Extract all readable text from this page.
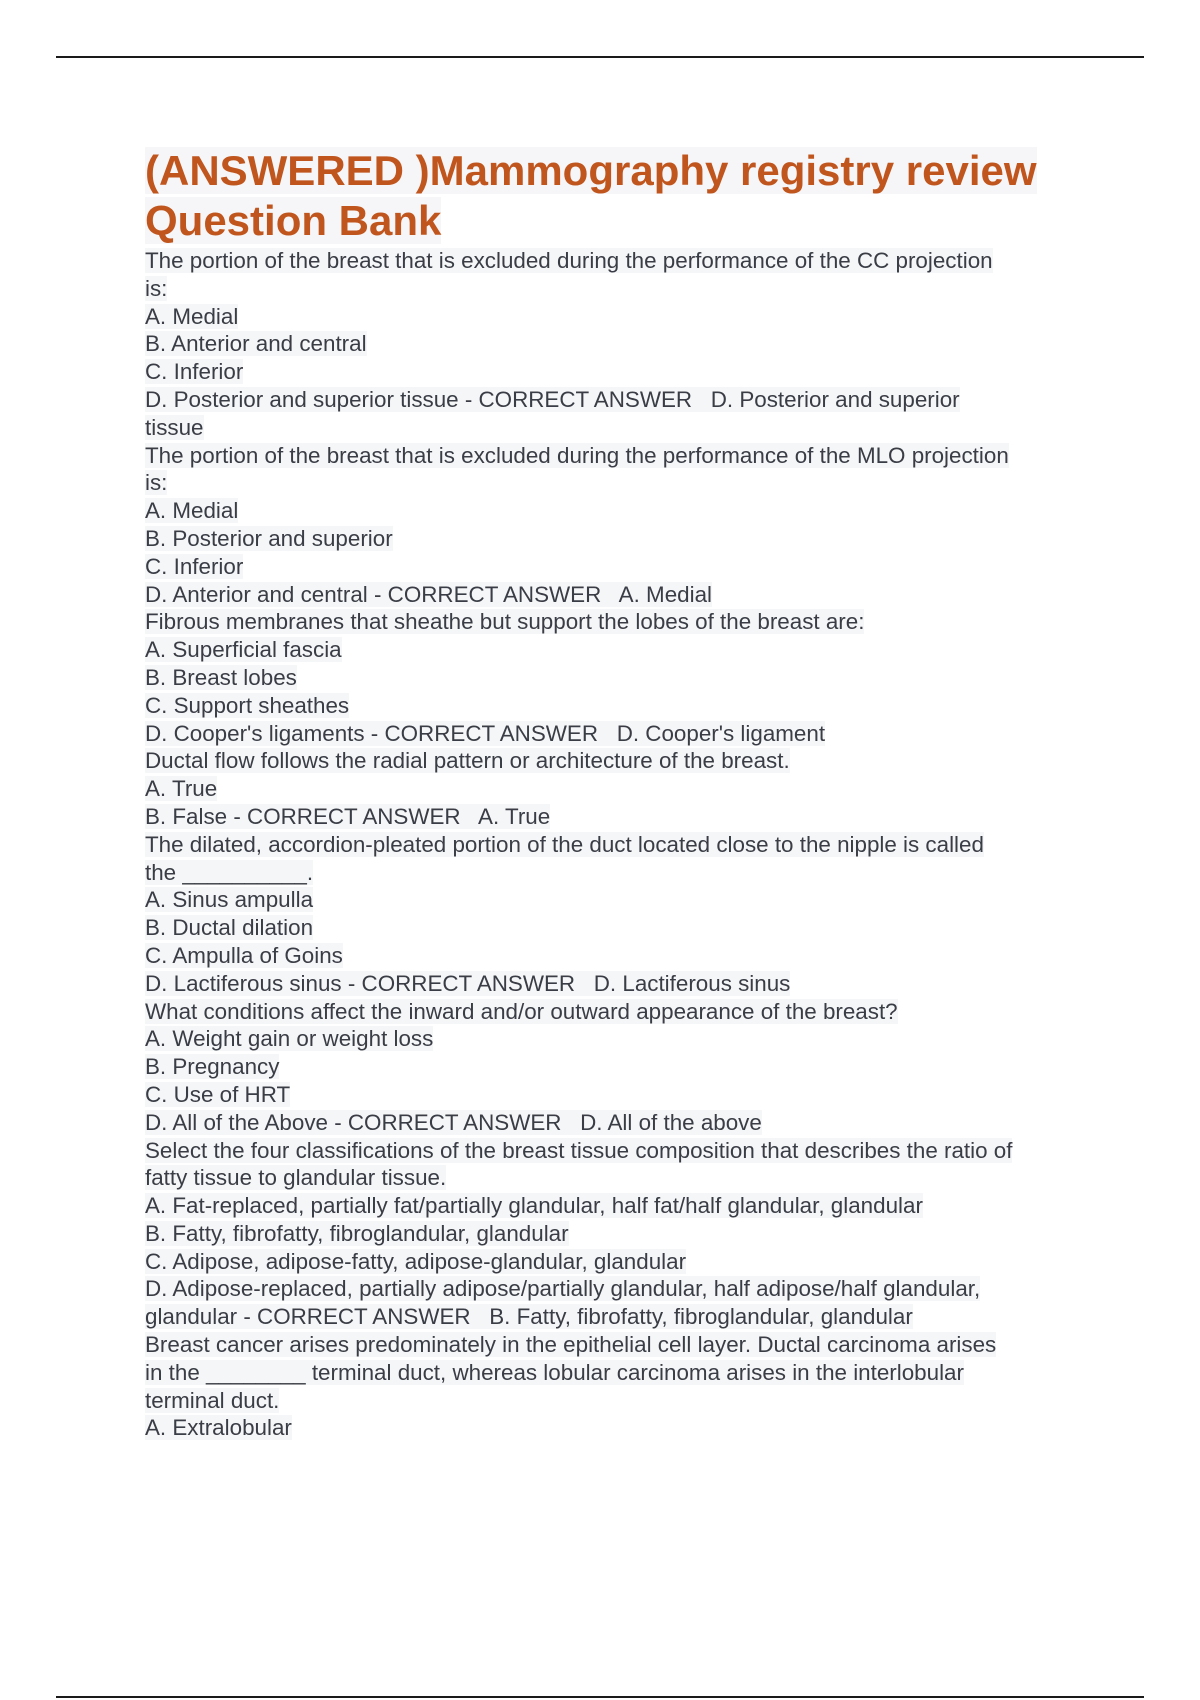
(ANSWERED )Mammography registry review
Question Bank
The portion of the breast that is excluded during the performance of the CC projection
is:
A. Medial
B. Anterior and central
C. Inferior
D. Posterior and superior tissue - CORRECT ANSWER   D. Posterior and superior
tissue
The portion of the breast that is excluded during the performance of the MLO projection
is:
A. Medial
B. Posterior and superior
C. Inferior
D. Anterior and central - CORRECT ANSWER   A. Medial
Fibrous membranes that sheathe but support the lobes of the breast are:
A. Superficial fascia
B. Breast lobes
C. Support sheathes
D. Cooper's ligaments - CORRECT ANSWER   D. Cooper's ligament
Ductal flow follows the radial pattern or architecture of the breast.
A. True
B. False - CORRECT ANSWER   A. True
The dilated, accordion-pleated portion of the duct located close to the nipple is called
the __________.
A. Sinus ampulla
B. Ductal dilation
C. Ampulla of Goins
D. Lactiferous sinus - CORRECT ANSWER   D. Lactiferous sinus
What conditions affect the inward and/or outward appearance of the breast?
A. Weight gain or weight loss
B. Pregnancy
C. Use of HRT
D. All of the Above - CORRECT ANSWER   D. All of the above
Select the four classifications of the breast tissue composition that describes the ratio of
fatty tissue to glandular tissue.
A. Fat-replaced, partially fat/partially glandular, half fat/half glandular, glandular
B. Fatty, fibrofatty, fibroglandular, glandular
C. Adipose, adipose-fatty, adipose-glandular, glandular
D. Adipose-replaced, partially adipose/partially glandular, half adipose/half glandular,
glandular - CORRECT ANSWER   B. Fatty, fibrofatty, fibroglandular, glandular
Breast cancer arises predominately in the epithelial cell layer. Ductal carcinoma arises
in the ________ terminal duct, whereas lobular carcinoma arises in the interlobular
terminal duct.
A. Extralobular
